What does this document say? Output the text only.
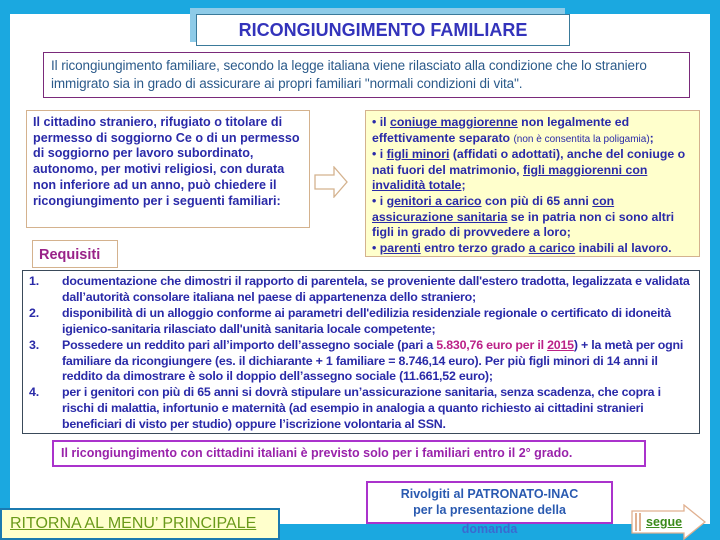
RICONGIUNGIMENTO FAMILIARE
Il ricongiungimento familiare, secondo la legge italiana viene rilasciato alla condizione che lo straniero immigrato sia in grado di assicurare ai propri familiari "normali condizioni di vita".
Il cittadino straniero, rifugiato o titolare di permesso di soggiorno Ce o di un permesso di soggiorno per lavoro subordinato, autonomo, per motivi religiosi, con durata non inferiore ad un anno, può chiedere il ricongiungimento per i seguenti familiari:
• il coniuge maggiorenne non legalmente ed effettivamente separato (non è consentita la poligamia);
• i figli minori (affidati o adottati), anche del coniuge o nati fuori del matrimonio, figli maggiorenni con invalidità totale;
• i genitori a carico con più di 65 anni con assicurazione sanitaria se in patria non ci sono altri figli in grado di provvedere a loro;
• parenti entro terzo grado a carico inabili al lavoro.
Requisiti
1.	documentazione che dimostri il rapporto di parentela, se proveniente dall'estero tradotta, legalizzata e validata dall’autorità consolare italiana nel paese di appartenenza dello straniero;
2.	disponibilità di un alloggio conforme ai parametri dell'edilizia residenziale regionale o certificato di idoneità igienico-sanitaria rilasciato dall'unità sanitaria locale competente;
3.	Possedere un reddito pari all’importo dell’assegno sociale (pari a 5.830,76 euro per il 2015) + la metà per ogni familiare da ricongiungere (es. il dichiarante + 1 familiare = 8.746,14 euro). Per più figli minori di 14 anni il reddito da dimostrare è solo il doppio dell’assegno sociale (11.661,52 euro);
4.	per i genitori con più di 65 anni si dovrà stipulare un’assicurazione sanitaria, senza scadenza, che copra i rischi di malattia, infortunio e maternità (ad esempio in analogia a quanto richiesto ai cittadini stranieri beneficiari di visto per studio) oppure l’iscrizione volontaria al SSN.
Il ricongiungimento con cittadini italiani è previsto solo per i familiari entro il 2° grado.
Rivolgiti al PATRONATO-INAC
per la presentazione della
domanda
RITORNA AL MENU’ PRINCIPALE	segue
